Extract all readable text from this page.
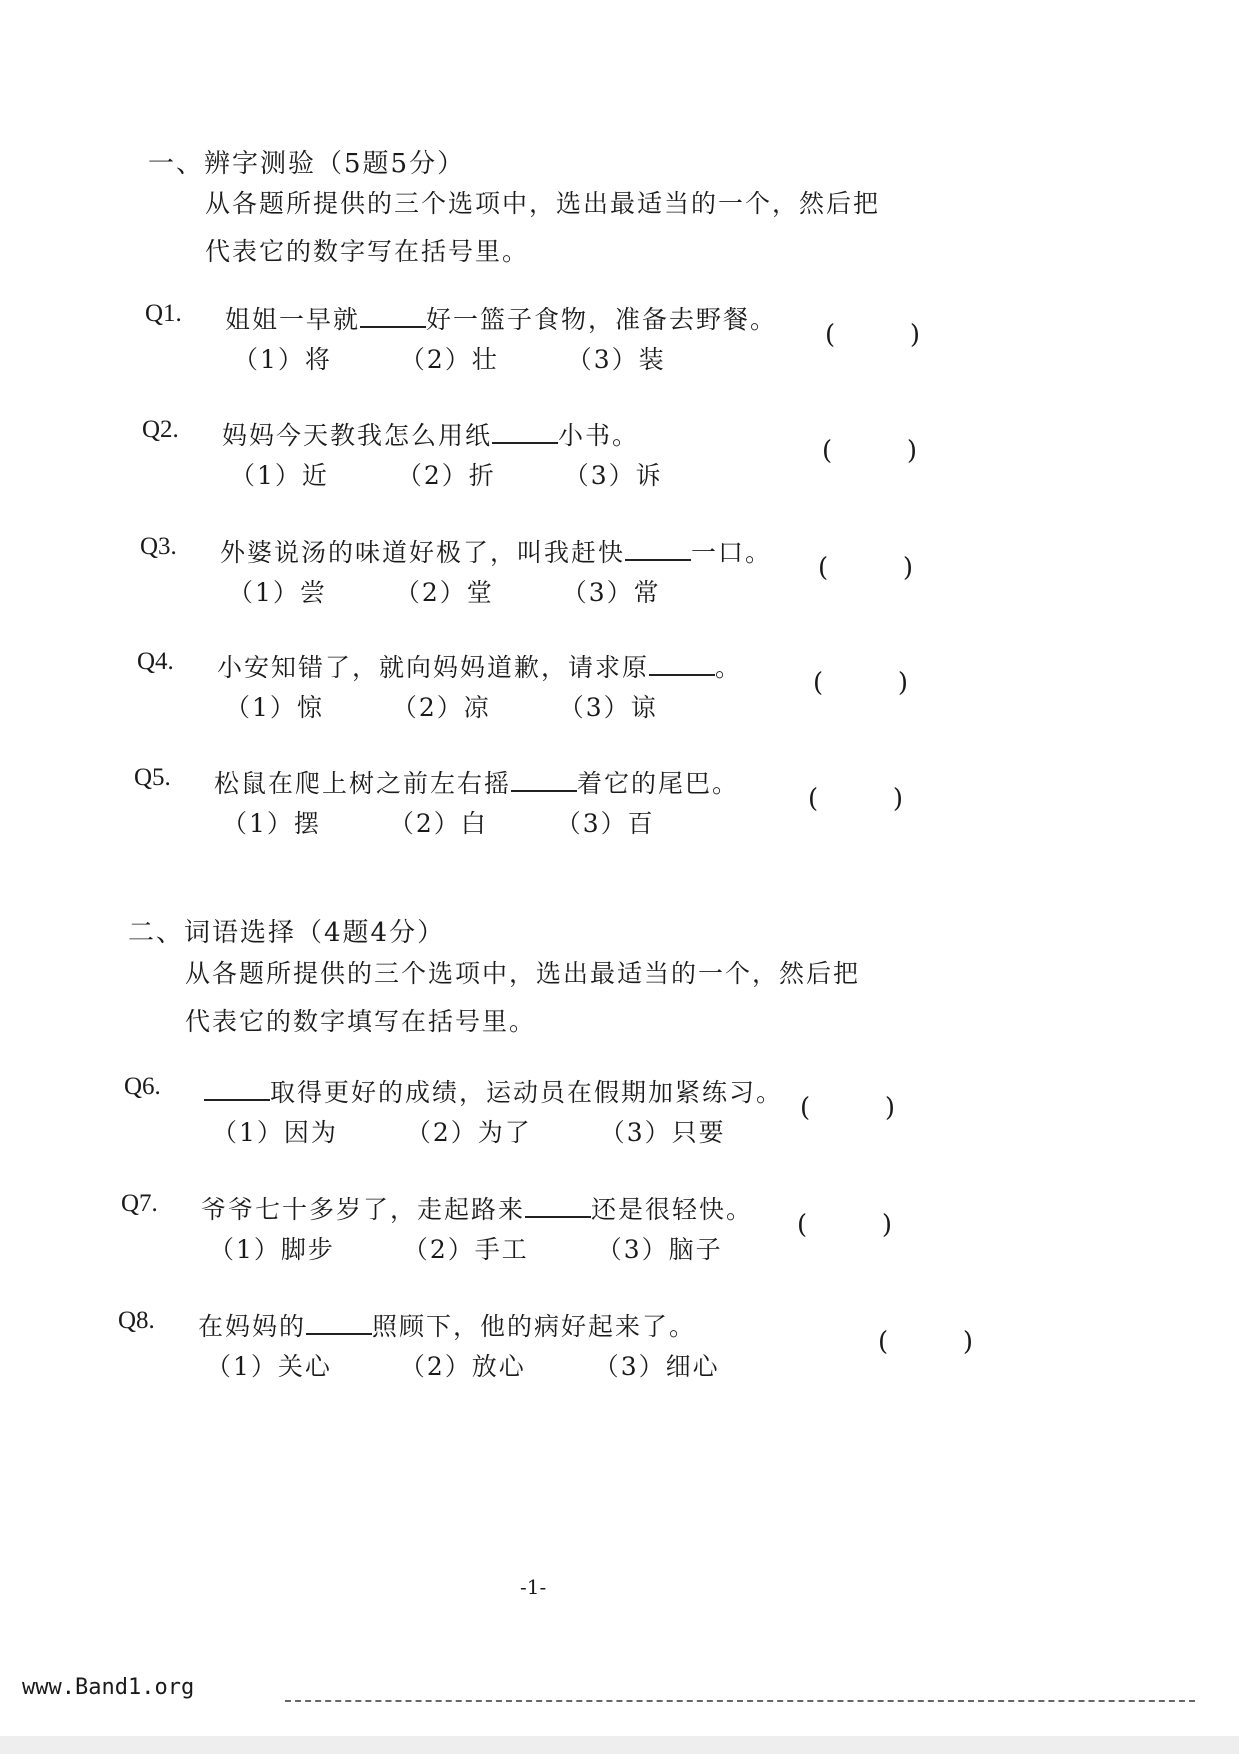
一、辨字测验（5题5分）
从各题所提供的三个选项中，选出最适当的一个，然后把
代表它的数字写在括号里。
Q1. 姐姐一早就	好一篮子食物，准备去野餐。
（1）将	（2）壮	（3）装
(	)
Q2. 妈妈今天教我怎么用纸	小书。
（1）近	（2）折	（3）诉
(	)
Q3. 外婆说汤的味道好极了，叫我赶快	一口。
（1）尝	（2）堂	（3）常
(	)
Q4. 小安知错了，就向妈妈道歉，请求原	。
（1）惊	（2）凉	（3）谅
(	)
Q5. 松鼠在爬上树之前左右摇	着它的尾巴。
（1）摆	（2）白	（3）百
(	)
二、词语选择（4题4分）
从各题所提供的三个选项中，选出最适当的一个，然后把
代表它的数字填写在括号里。
Q6.	取得更好的成绩，运动员在假期加紧练习。
（1）因为	（2）为了	（3）只要
(	)
Q7. 爷爷七十多岁了，走起路来	还是很轻快。
（1）脚步	（2）手工	（3）脑子
(	)
Q8. 在妈妈的	照顾下，他的病好起来了。
（1）关心	（2）放心	（3）细心
(	)
-1-
www.Band1.org
